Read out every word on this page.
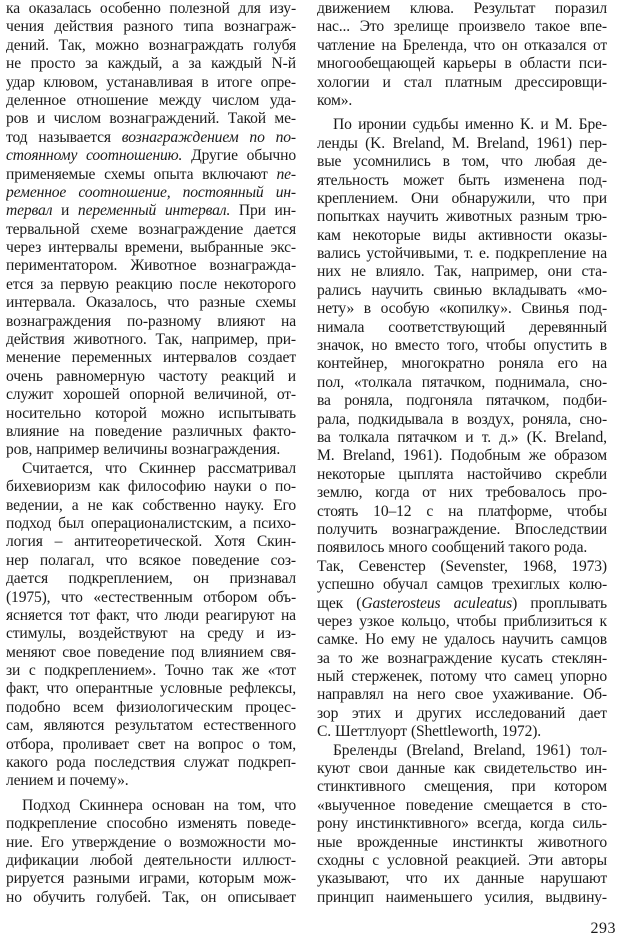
ка оказалась особенно полезной для изу-
чения действия разного типа вознаграж-
дений. Так, можно вознаграждать голубя
не просто за каждый, а за каждый N-й
удар клювом, устанавливая в итоге опре-
деленное отношение между числом уда-
ров и числом вознаграждений. Такой ме-
тод называется вознаграждением по по-
стоянному соотношению. Другие обычно
применяемые схемы опыта включают пе-
ременное соотношение, постоянный ин-
тервал и переменный интервал. При ин-
тервальной схеме вознаграждение дается
через интервалы времени, выбранные экс-
периментатором. Животное вознагражда-
ется за первую реакцию после некоторого
интервала. Оказалось, что разные схемы
вознаграждения по-разному влияют на
действия животного. Так, например, при-
менение переменных интервалов создает
очень равномерную частоту реакций и
служит хорошей опорной величиной, от-
носительно которой можно испытывать
влияние на поведение различных факто-
ров, например величины вознаграждения.
Считается, что Скиннер рассматривал
бихевиоризм как философию науки о по-
ведении, а не как собственно науку. Его
подход был операционалистским, а психо-
логия – антитеоретической. Хотя Скин-
нер полагал, что всякое поведение соз-
дается подкреплением, он признавал
(1975), что «естественным отбором объ-
ясняется тот факт, что люди реагируют на
стимулы, воздействуют на среду и из-
меняют свое поведение под влиянием свя-
зи с подкреплением». Точно так же «тот
факт, что оперантные условные рефлексы,
подобно всем физиологическим процес-
сам, являются результатом естественного
отбора, проливает свет на вопрос о том,
какого рода последствия служат подкреп-
лением и почему».
Подход Скиннера основан на том, что
подкрепление способно изменять поведе-
ние. Его утверждение о возможности мо-
дификации любой деятельности иллюст-
рируется разными играми, которым мож-
но обучить голубей. Так, он описывает
движением клюва. Результат поразил
нас... Это зрелище произвело такое впе-
чатление на Бреленда, что он отказался от
многообещающей карьеры в области пси-
хологии и стал платным дрессировщи-
ком».
По иронии судьбы именно К. и М. Бре-
ленды (K. Breland, M. Breland, 1961) пер-
вые усомнились в том, что любая де-
ятельность может быть изменена под-
креплением. Они обнаружили, что при
попытках научить животных разным трю-
кам некоторые виды активности оказы-
вались устойчивыми, т. е. подкрепление на
них не влияло. Так, например, они ста-
рались научить свинью вкладывать «мо-
нету» в особую «копилку». Свинья под-
нимала соответствующий деревянный
значок, но вместо того, чтобы опустить в
контейнер, многократно роняла его на
пол, «толкала пятачком, поднимала, сно-
ва роняла, подгоняла пятачком, подби-
рала, подкидывала в воздух, роняла, сно-
ва толкала пятачком и т. д.» (K. Breland,
M. Breland, 1961). Подобным же образом
некоторые цыплята настойчиво скребли
землю, когда от них требовалось про-
стоять 10–12 с на платформе, чтобы
получить вознаграждение. Впоследствии
появилось много сообщений такого рода.
Так, Севенстер (Sevenster, 1968, 1973)
успешно обучал самцов трехиглых колю-
щек (Gasterosteus aculeatus) проплывать
через узкое кольцо, чтобы приблизиться к
самке. Но ему не удалось научить самцов
за то же вознаграждение кусать стеклян-
ный стерженек, потому что самец упорно
направлял на него свое ухаживание. Об-
зор этих и других исследований дает
С. Шеттлуорт (Shettleworth, 1972).
Бреленды (Breland, Breland, 1961) тол-
куют свои данные как свидетельство ин-
стинктивного смещения, при котором
«выученное поведение смещается в сто-
рону инстинктивного» всегда, когда силь-
ные врожденные инстинкты животного
сходны с условной реакцией. Эти авторы
указывают, что их данные нарушают
принцип наименьшего усилия, выдвину-
293
